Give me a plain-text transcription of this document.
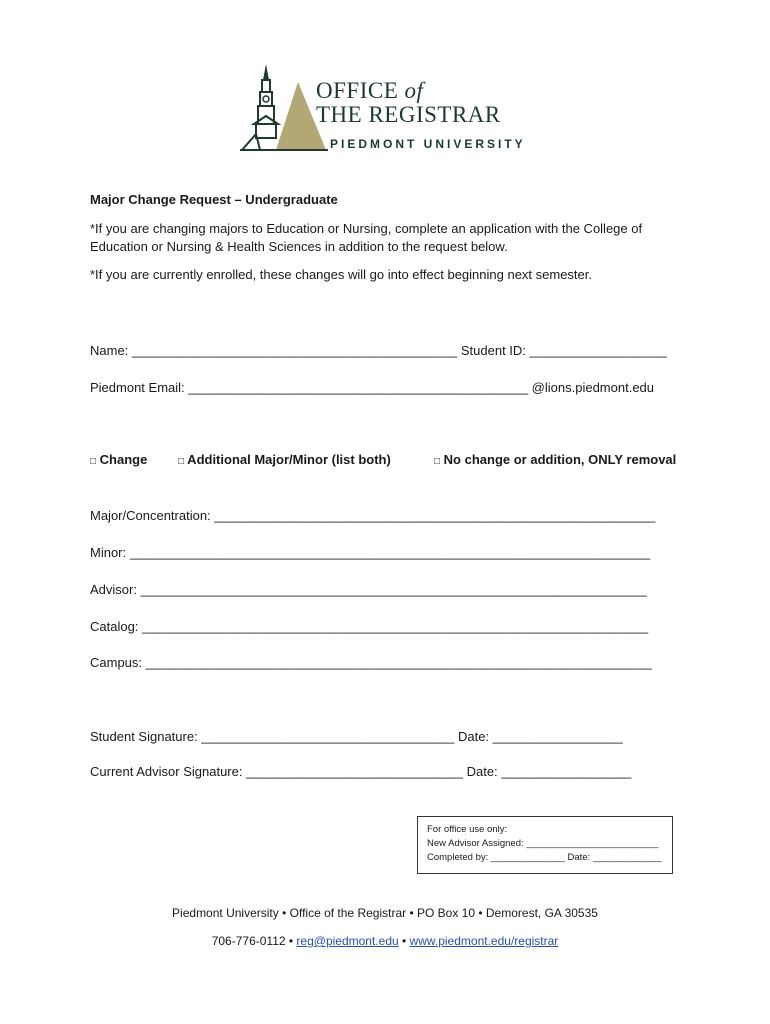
OFFICE of
THE REGISTRAR
PIEDMONT UNIVERSITY
Major Change Request – Undergraduate
*If you are changing majors to Education or Nursing, complete an application with the College of Education or Nursing & Health Sciences in addition to the request below.
*If you are currently enrolled, these changes will go into effect beginning next semester.
Name: _____________________________________________ Student ID: ___________________
Piedmont Email: _______________________________________________ @lions.piedmont.edu
□ Change	□ Additional Major/Minor (list both)	□ No change or addition, ONLY removal
Major/Concentration: _____________________________________________________________
Minor: ________________________________________________________________________
Advisor: ______________________________________________________________________
Catalog: ______________________________________________________________________
Campus: ______________________________________________________________________
Student Signature: ___________________________________ Date: __________________
Current Advisor Signature: ______________________________ Date: __________________
For office use only:
New Advisor Assigned: _________________________
Completed by: ______________ Date: _____________
Piedmont University • Office of the Registrar • PO Box 10 • Demorest, GA 30535
706-776-0112 • reg@piedmont.edu • www.piedmont.edu/registrar
